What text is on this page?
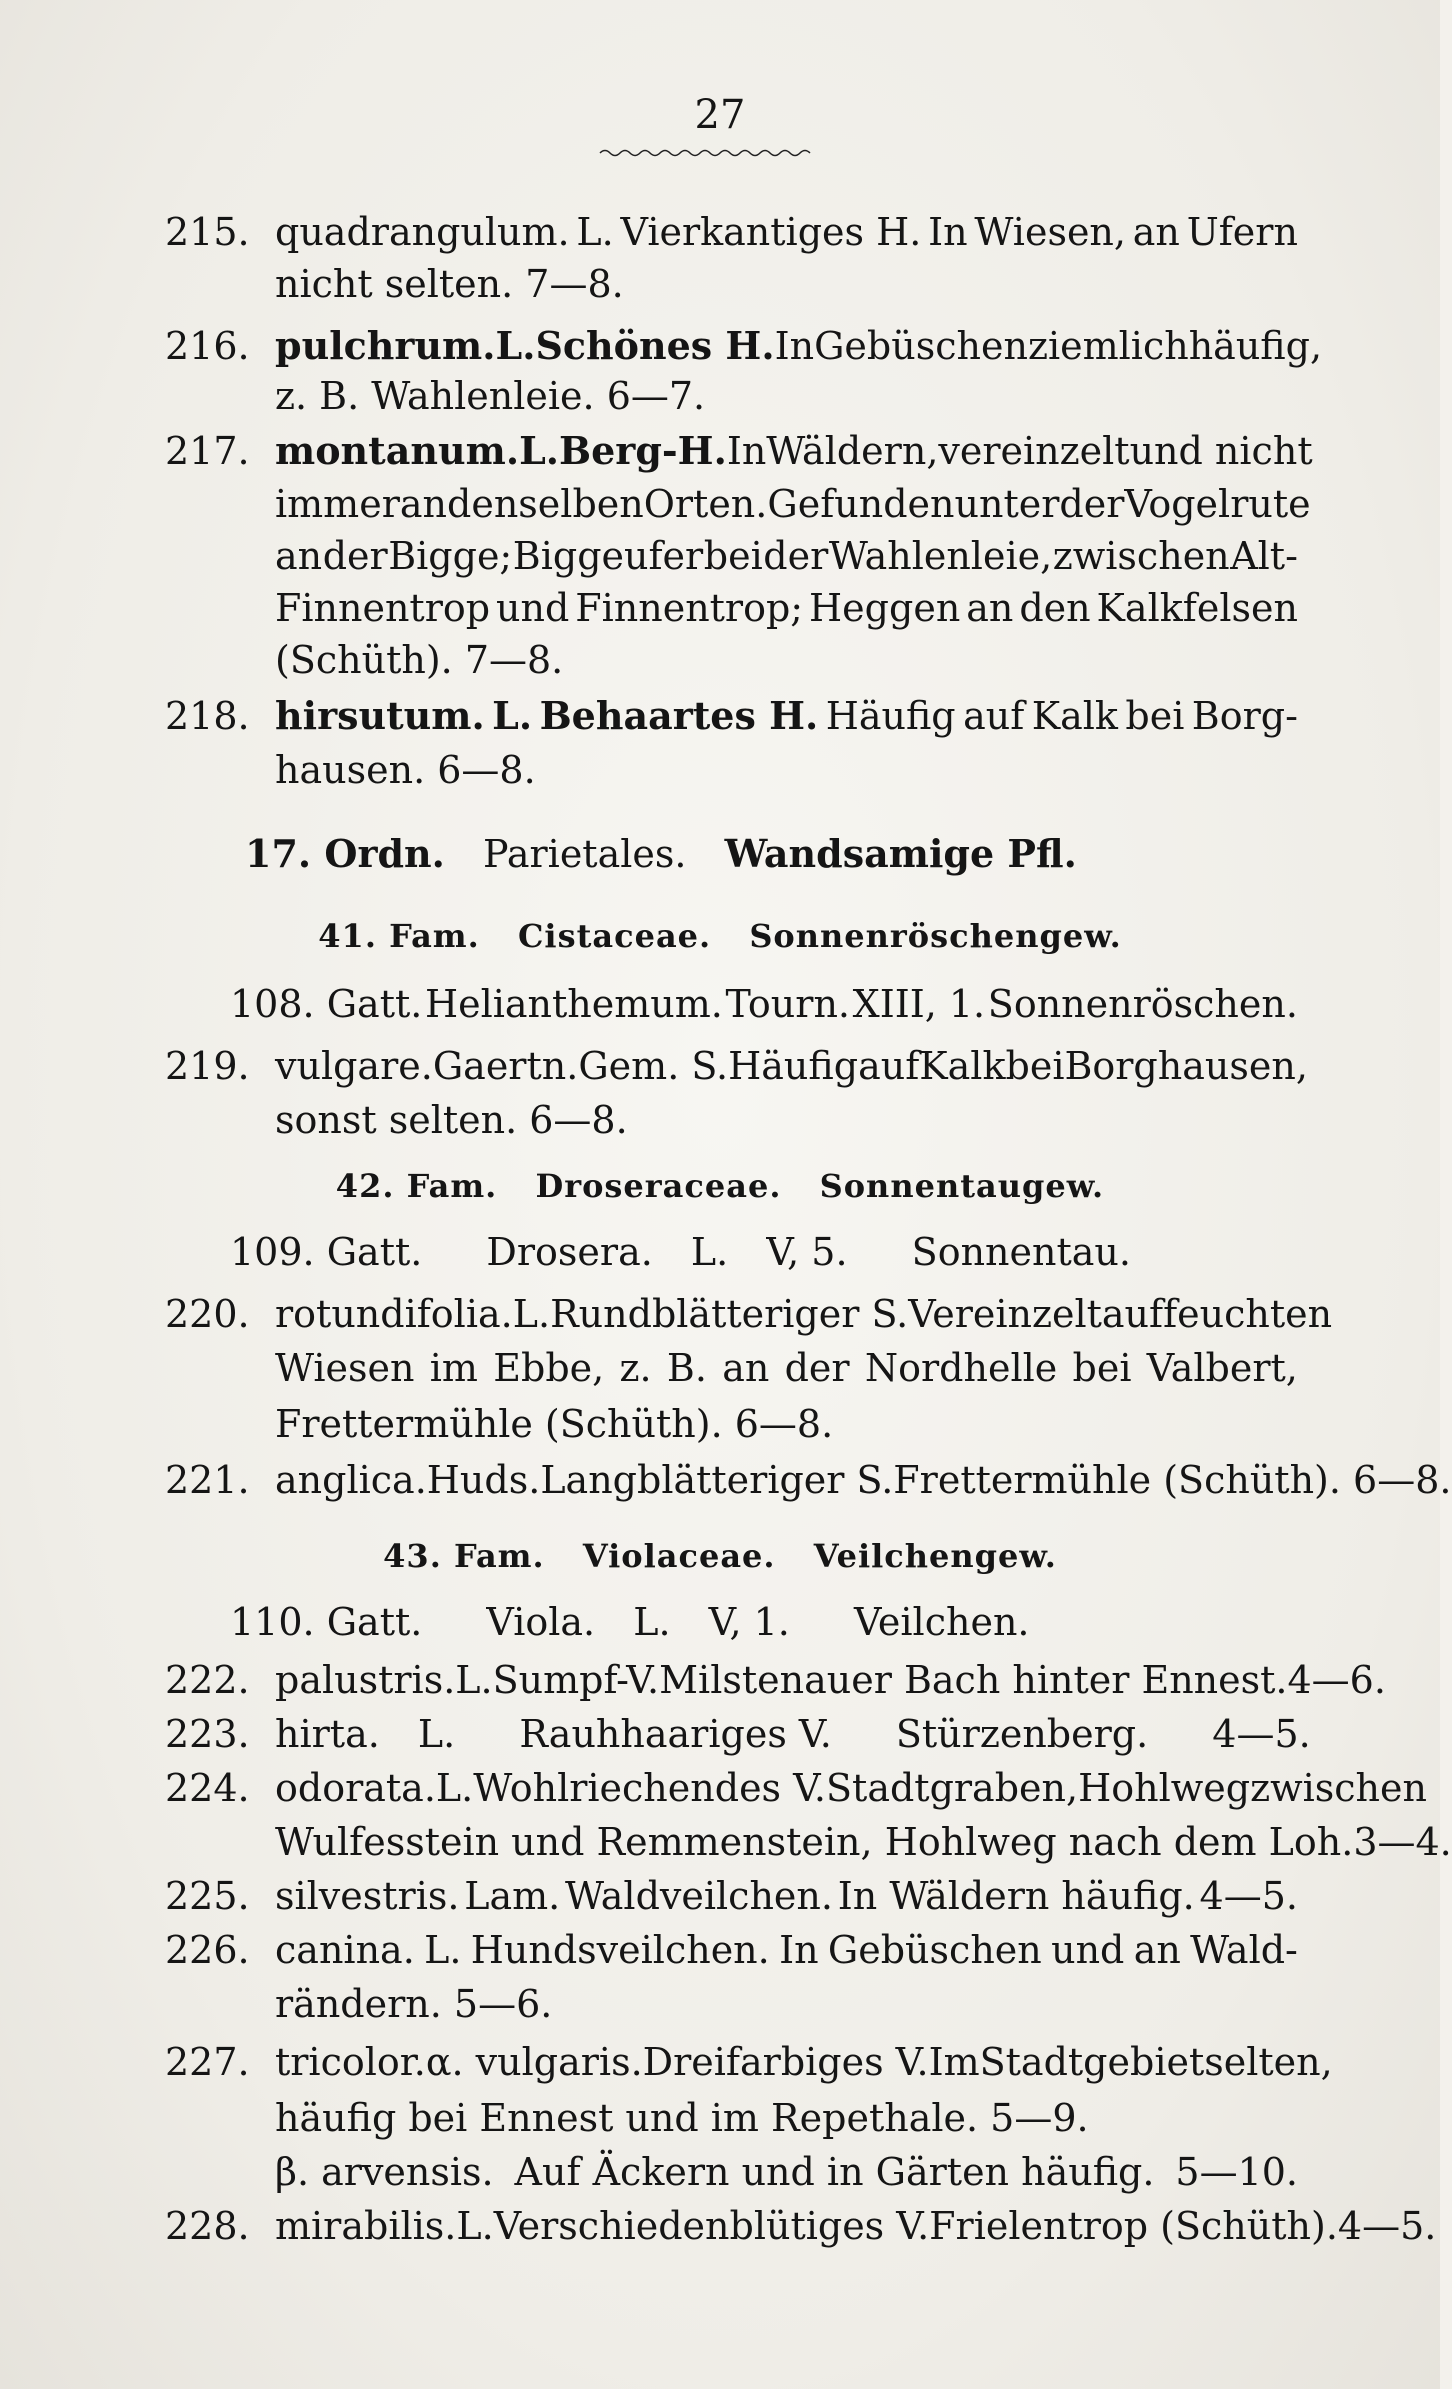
27
215. quadrangulum. L. Vierkantiges H. In Wiesen, an Ufern
nicht selten. 7—8.
216. pulchrum. L. Schönes H. In Gebüschen ziemlich häufig,
z. B. Wahlenleie. 6—7.
217. montanum. L. Berg-H. In Wäldern, vereinzelt und nicht
immer an denselben Orten. Gefunden unter der Vogelrute
an der Bigge; Biggeufer bei der Wahlenleie, zwischen Alt-
Finnentrop und Finnentrop; Heggen an den Kalkfelsen
(Schüth). 7—8.
218. hirsutum. L. Behaartes H. Häufig auf Kalk bei Borg-
hausen. 6—8.
17. Ordn. Parietales. Wandsamige Pfl.
41. Fam. Cistaceae. Sonnenröschengew.
108. Gatt. Helianthemum. Tourn. XIII, 1. Sonnenröschen.
219. vulgare. Gaertn. Gem. S. Häufig auf Kalk bei Borghausen,
sonst selten. 6—8.
42. Fam. Droseraceae. Sonnentaugew.
109. Gatt. Drosera. L. V, 5. Sonnentau.
220. rotundifolia. L. Rundblätteriger S. Vereinzelt auf feuchten
Wiesen im Ebbe, z. B. an der Nordhelle bei Valbert,
Frettermühle (Schüth). 6—8.
221. anglica. Huds. Langblätteriger S. Frettermühle (Schüth). 6—8.
43. Fam. Violaceae. Veilchengew.
110. Gatt. Viola. L. V, 1. Veilchen.
222. palustris. L. Sumpf-V. Milstenauer Bach hinter Ennest. 4—6.
223. hirta. L. Rauhhaariges V. Stürzenberg. 4—5.
224. odorata. L. Wohlriechendes V. Stadtgraben, Hohlweg zwischen
Wulfesstein und Remmenstein, Hohlweg nach dem Loh. 3—4.
225. silvestris. Lam. Waldveilchen. In Wäldern häufig. 4—5.
226. canina. L. Hundsveilchen. In Gebüschen und an Wald-
rändern. 5—6.
227. tricolor. α. vulgaris. Dreifarbiges V. Im Stadtgebiet selten,
häufig bei Ennest und im Repethale. 5—9.
β. arvensis. Auf Äckern und in Gärten häufig. 5—10.
228. mirabilis. L. Verschiedenblütiges V. Frielentrop (Schüth). 4—5.
